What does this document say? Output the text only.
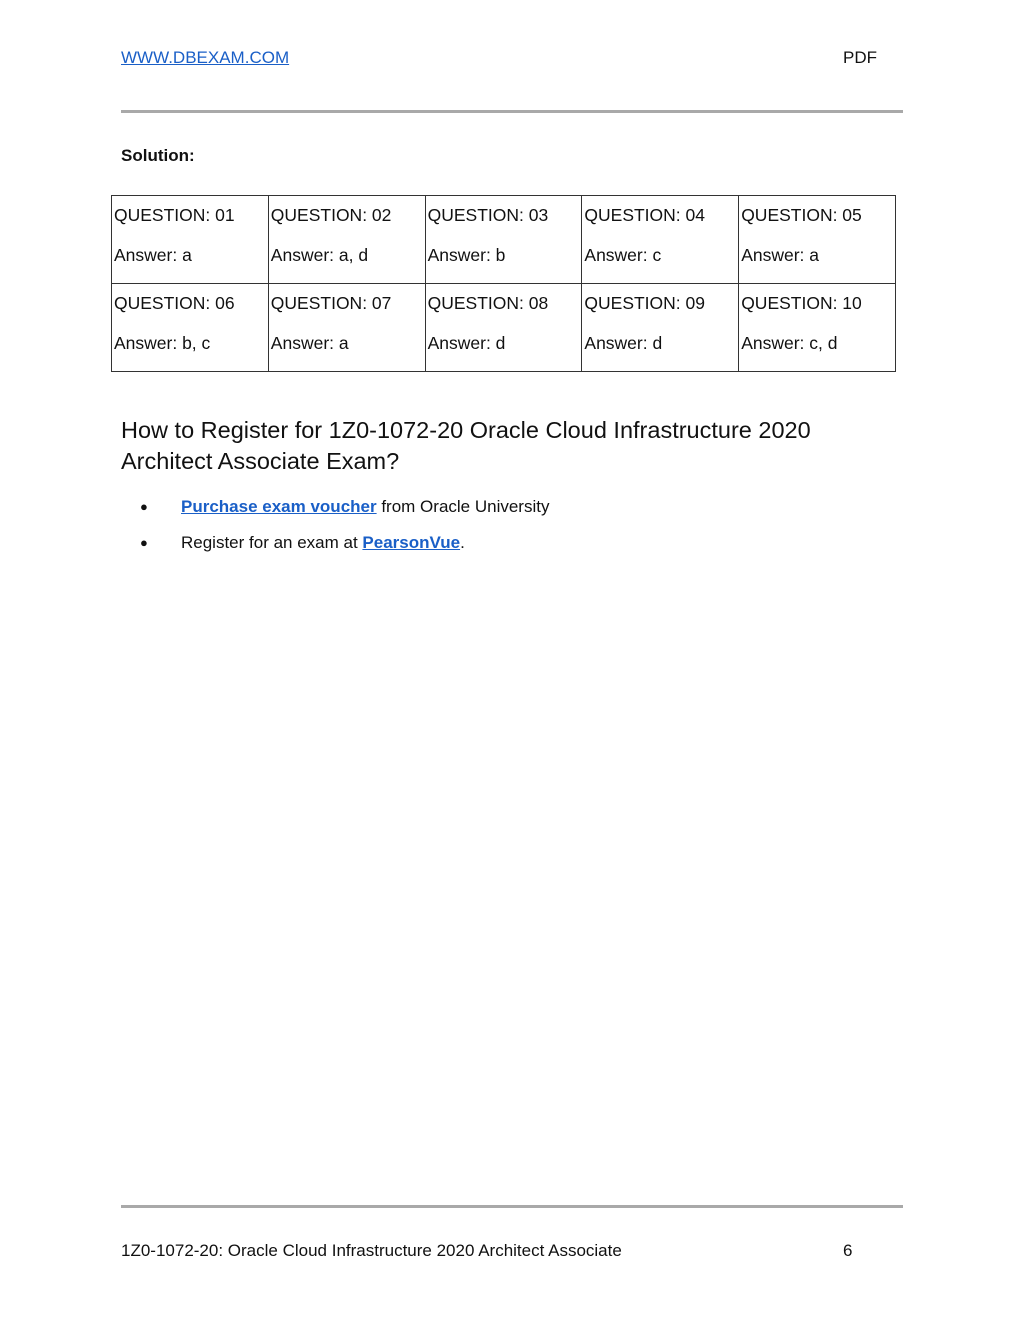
WWW.DBEXAM.COM	PDF
Solution:
QUESTION: 01
Answer: a	QUESTION: 02
Answer: a, d	QUESTION: 03
Answer: b	QUESTION: 04
Answer: c	QUESTION: 05
Answer: a

QUESTION: 06
Answer: b, c	QUESTION: 07
Answer: a	QUESTION: 08
Answer: d	QUESTION: 09
Answer: d	QUESTION: 10
Answer: c, d
How to Register for 1Z0-1072-20 Oracle Cloud Infrastructure 2020 Architect Associate Exam?
● Purchase exam voucher from Oracle University
● Register for an exam at PearsonVue.
1Z0-1072-20: Oracle Cloud Infrastructure 2020 Architect Associate	6
